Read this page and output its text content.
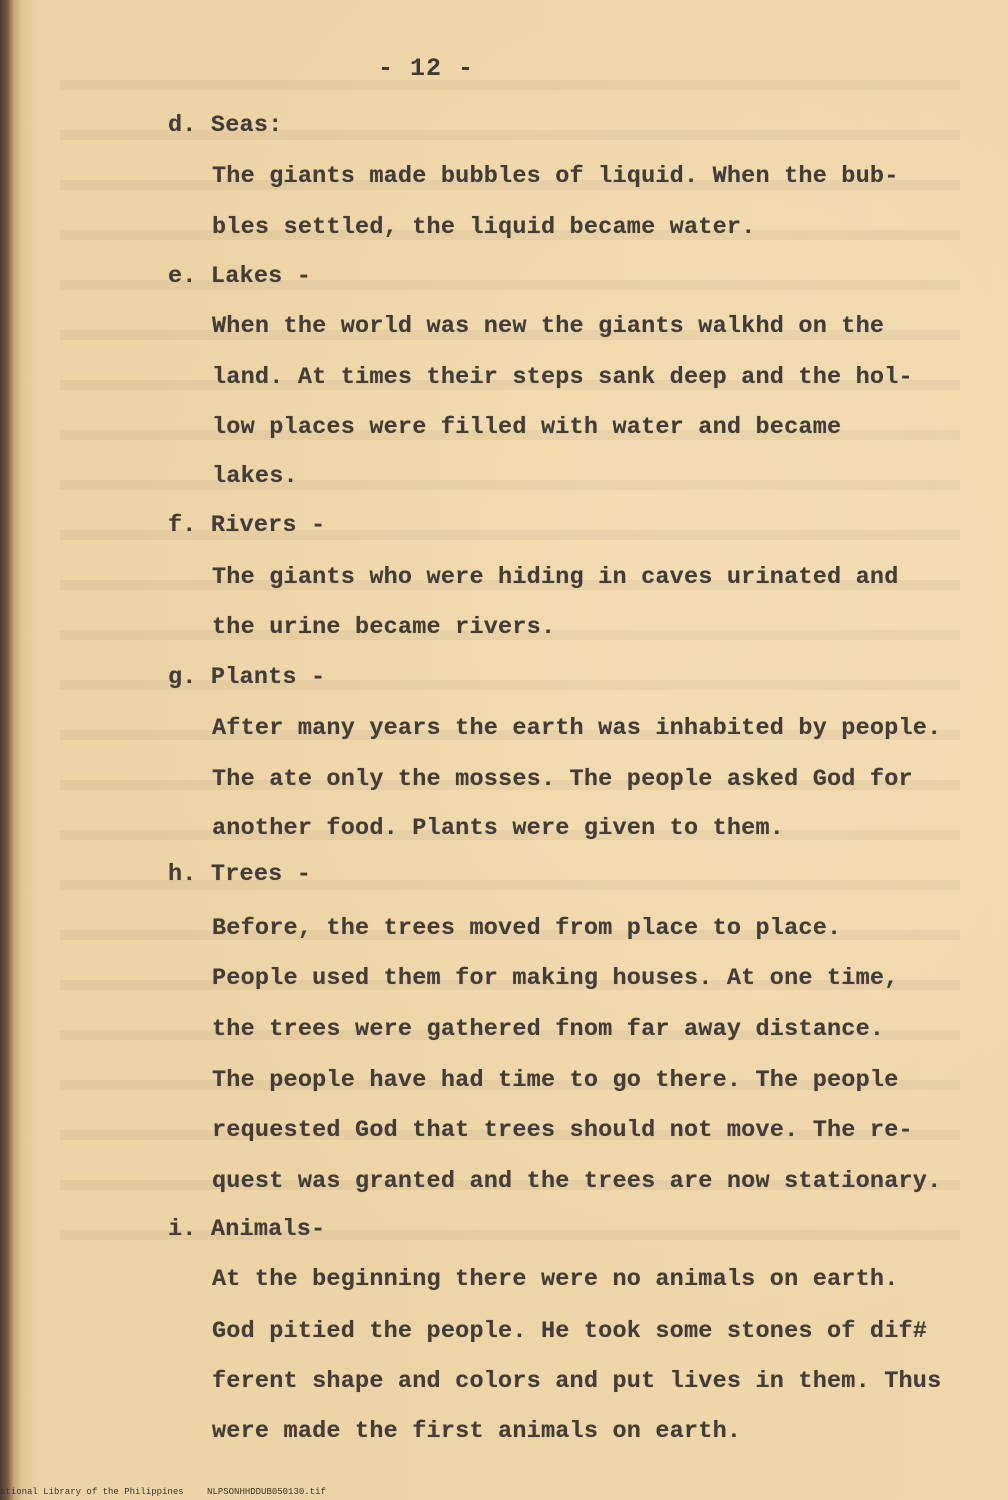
- 12 -
d. Seas:
The giants made bubbles of liquid. When the bub-
bles settled, the liquid became water.
e. Lakes -
When the world was new the giants walkhd on the
land. At times their steps sank deep and the hol-
low places were filled with water and became
lakes.
f. Rivers -
The giants who were hiding in caves urinated and
the urine became rivers.
g. Plants -
After many years the earth was inhabited by people.
The ate only the mosses. The people asked God for
another food. Plants were given to them.
h. Trees -
Before, the trees moved from place to place.
People used them for making houses. At one time,
the trees were gathered fnom far away distance.
The people have had time to go there. The people
requested God that trees should not move. The re-
quest was granted and the trees are now stationary.
i. Animals-
At the beginning there were no animals on earth.
God pitied the people. He took some stones of dif#
ferent shape and colors and put lives in them. Thus
were made the first animals on earth.
ational Library of the Philippines	NLPSONHHDDUB050130.tif
